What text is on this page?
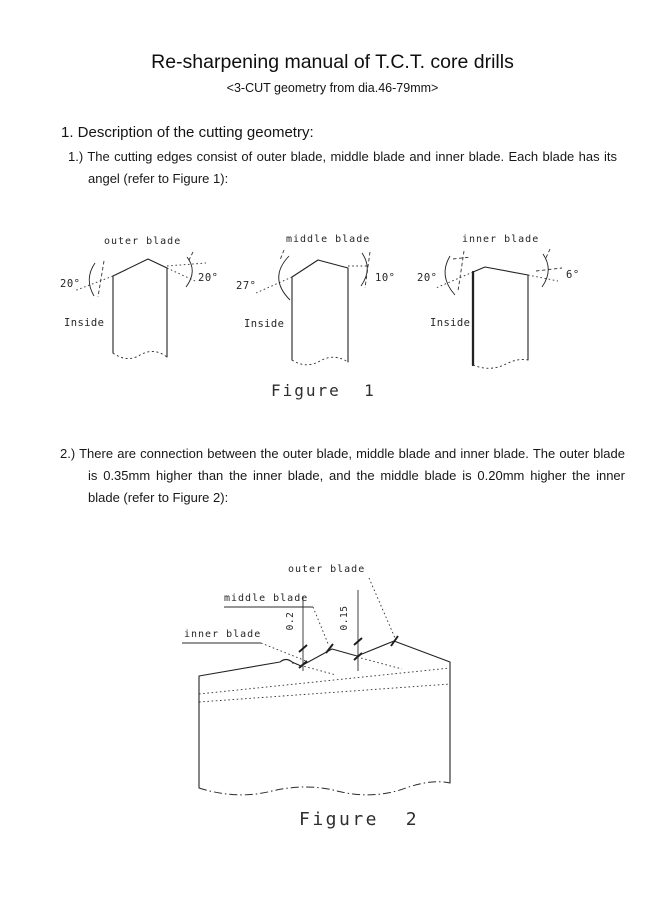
Re-sharpening manual of T.C.T. core drills
<3-CUT geometry from dia.46-79mm>
1. Description of the cutting geometry:
1.) The cutting edges consist of outer blade, middle blade and inner blade. Each blade has its angel (refer to Figure 1):
outer blade
20°	20°
Inside
middle blade
27°
10°
Inside
inner blade
20°	6°
Inside
Figure  1
2.) There are connection between the outer blade, middle blade and inner blade. The outer blade is 0.35mm higher than the inner blade, and the middle blade is 0.20mm higher the inner blade (refer to Figure 2):
outer blade
middle blade
inner blade
0.2	0.15
Figure  2
